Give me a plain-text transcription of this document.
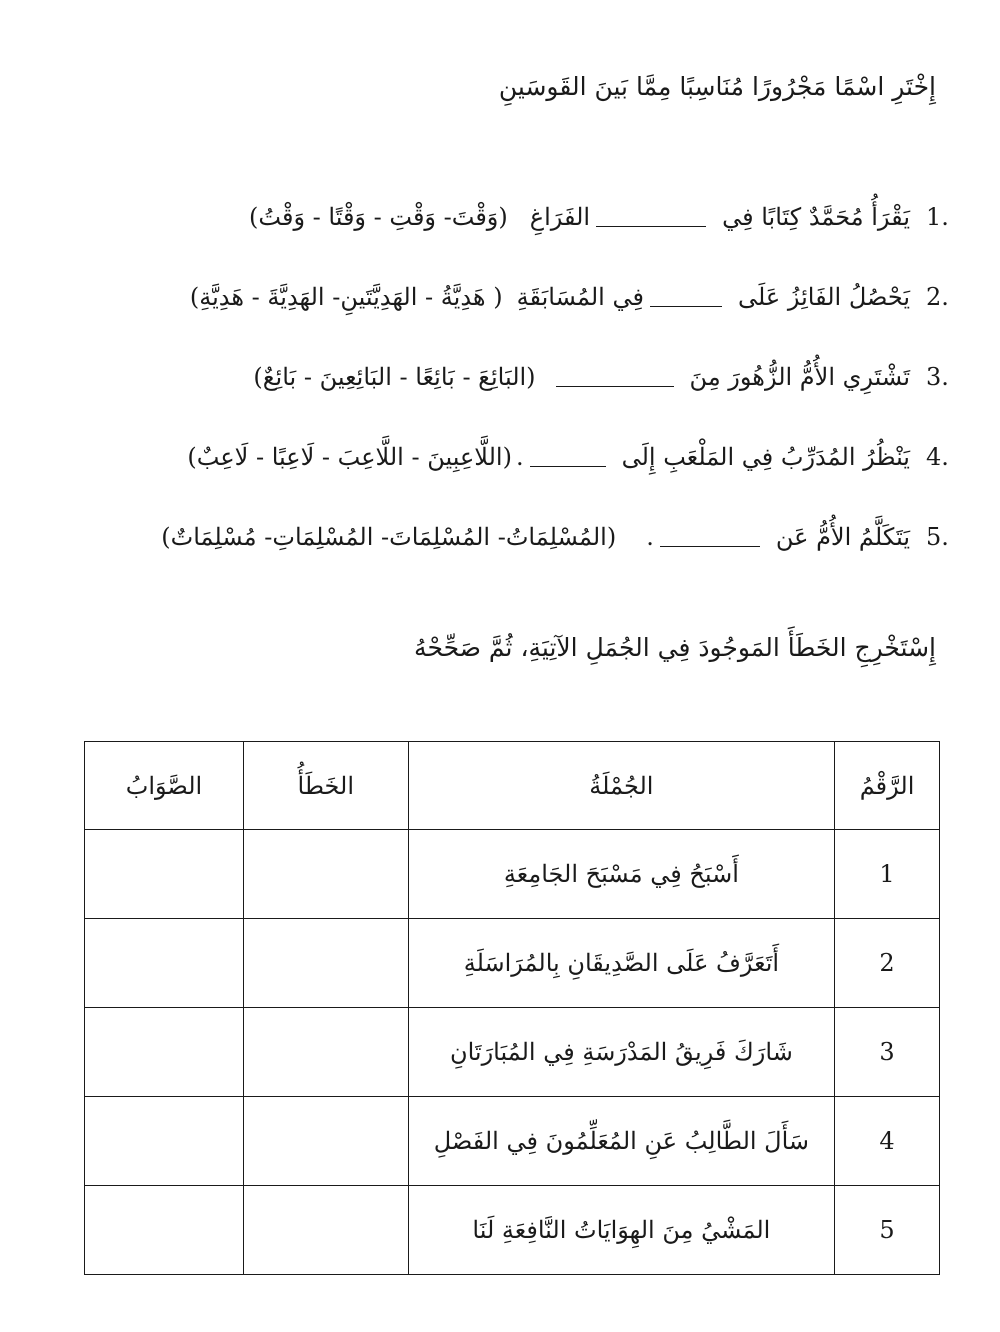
إِخْتَرِ اسْمًا مَجْرُورًا مُنَاسِبًا مِمَّا بَينَ القَوسَينِ
1.
يَقْرَأُ مُحَمَّدٌ كِتَابًا فِي
الفَرَاغِ
(وَقْتَ- وَقْتِ - وَقْتًا - وَقْتُ)
2.
يَحْصُلُ الفَائِزُ عَلَى
فِي المُسَابَقَةِ
( هَدِيَّةُ - الهَدِيَّتَينِ- الهَدِيَّةَ - هَدِيَّةِ)
3.
تَشْتَرِي الأُمُّ الزُّهُورَ مِنَ
(البَائِعَ - بَائِعًا - البَائِعِينَ - بَائِعٌ)
4.
يَنْظُرُ المُدَرِّبُ فِي المَلْعَبِ إِلَى
.
(اللَّاعِبِينَ - اللَّاعِبَ - لَاعِبًا - لَاعِبٌ)
5.
يَتَكَلَّمُ الأُمُّ عَن
.
(المُسْلِمَاتُ- المُسْلِمَاتَ- المُسْلِمَاتِ- مُسْلِمَاتٌ)
إِسْتَخْرِجِ الخَطَأَ المَوجُودَ فِي الجُمَلِ الآتِيَةِ، ثُمَّ صَحِّحْهُ
الرَّقْمُ	الجُمْلَةُ	الخَطَأُ	الصَّوَابُ
1	أَسْبَحُ فِي مَسْبَحَ الجَامِعَةِ		
2	أَتَعَرَّفُ عَلَى الصَّدِيقَانِ بِالمُرَاسَلَةِ		
3	شَارَكَ فَرِيقُ المَدْرَسَةِ فِي المُبَارَتَانِ		
4	سَأَلَ الطَّالِبُ عَنِ المُعَلِّمُونَ فِي الفَصْلِ		
5	المَشْيُ مِنَ الهِوَايَاتُ النَّافِعَةِ لَنَا		
